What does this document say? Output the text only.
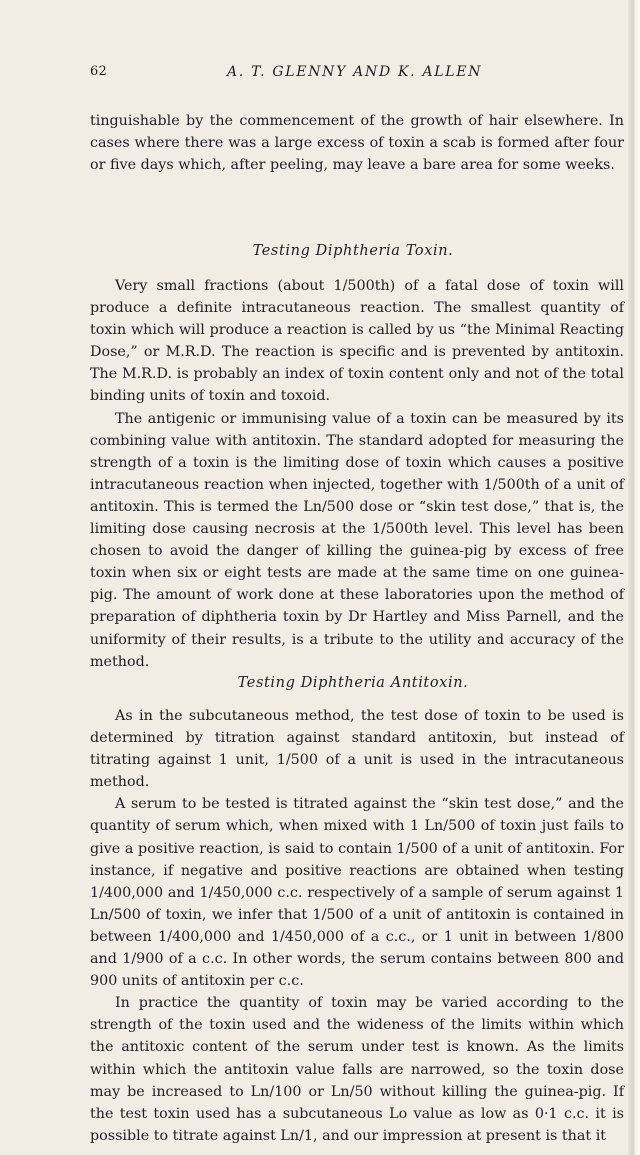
62	A. T. GLENNY AND K. ALLEN

tinguishable by the commencement of the growth of hair elsewhere. In cases where there was a large excess of toxin a scab is formed after four or five days which, after peeling, may leave a bare area for some weeks.

Testing Diphtheria Toxin.

Very small fractions (about 1/500th) of a fatal dose of toxin will produce a definite intracutaneous reaction. The smallest quantity of toxin which will produce a reaction is called by us “the Minimal Reacting Dose,” or M.R.D. The reaction is specific and is prevented by antitoxin. The M.R.D. is probably an index of toxin content only and not of the total binding units of toxin and toxoid.

The antigenic or immunising value of a toxin can be measured by its combining value with antitoxin. The standard adopted for measuring the strength of a toxin is the limiting dose of toxin which causes a positive intracutaneous reaction when injected, together with 1/500th of a unit of antitoxin. This is termed the Ln/500 dose or “skin test dose,” that is, the limiting dose causing necrosis at the 1/500th level. This level has been chosen to avoid the danger of killing the guinea-pig by excess of free toxin when six or eight tests are made at the same time on one guinea-pig. The amount of work done at these laboratories upon the method of preparation of diphtheria toxin by Dr Hartley and Miss Parnell, and the uniformity of their results, is a tribute to the utility and accuracy of the method.

Testing Diphtheria Antitoxin.

As in the subcutaneous method, the test dose of toxin to be used is determined by titration against standard antitoxin, but instead of titrating against 1 unit, 1/500 of a unit is used in the intracutaneous method.

A serum to be tested is titrated against the “skin test dose,” and the quantity of serum which, when mixed with 1 Ln/500 of toxin just fails to give a positive reaction, is said to contain 1/500 of a unit of antitoxin. For instance, if negative and positive reactions are obtained when testing 1/400,000 and 1/450,000 c.c. respectively of a sample of serum against 1 Ln/500 of toxin, we infer that 1/500 of a unit of antitoxin is contained in between 1/400,000 and 1/450,000 of a c.c., or 1 unit in between 1/800 and 1/900 of a c.c. In other words, the serum contains between 800 and 900 units of antitoxin per c.c.

In practice the quantity of toxin may be varied according to the strength of the toxin used and the wideness of the limits within which the antitoxic content of the serum under test is known. As the limits within which the antitoxin value falls are narrowed, so the toxin dose may be increased to Ln/100 or Ln/50 without killing the guinea-pig. If the test toxin used has a subcutaneous Lo value as low as 0·1 c.c. it is possible to titrate against Ln/1, and our impression at present is that it
